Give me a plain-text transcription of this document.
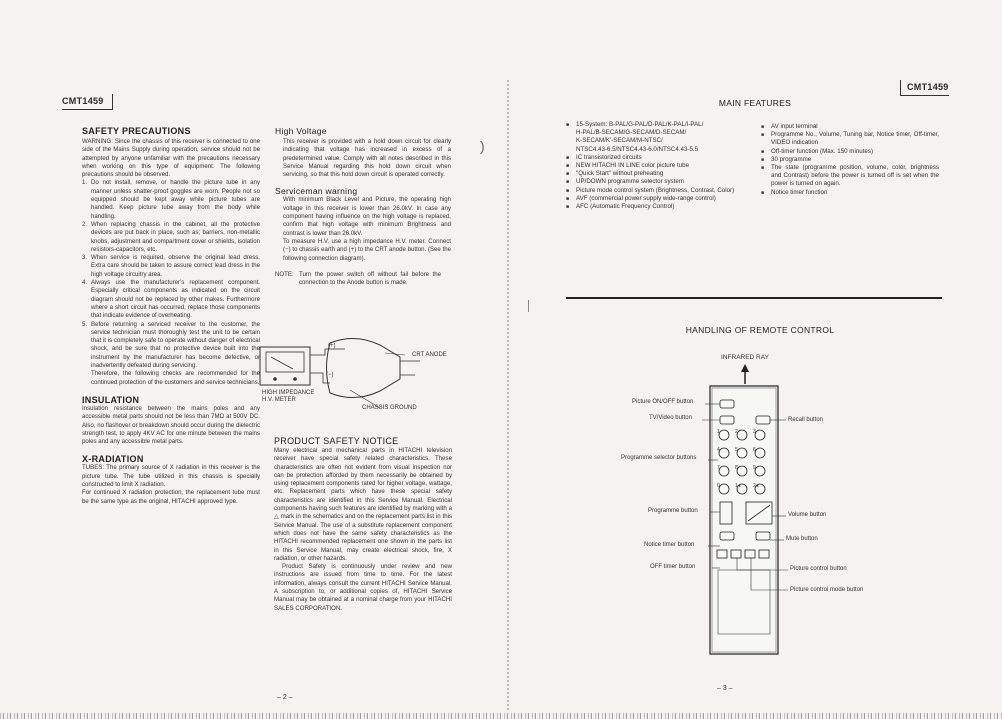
CMT1459
SAFETY PRECAUTIONS

WARNING: Since the chassis of this receiver is connected to one side of the Mains Supply during operation, service should not be attempted by anyone unfamiliar with the precautions necessary when working on this type of equipment. The following precautions should be observed.

1. Do not install, remove, or handle the picture tube in any manner unless shatter-proof goggles are worn. People not so equipped should be kept away while picture tubes are handled. Keep picture tube away from the body while handling.
2. When replacing chassis in the cabinet, all the protective devices are put back in place, such as; barriers, non-metallic knobs, adjustment and compartment cover or shields, isolation resistors-capacitors, etc.
3. When service is required, observe the original lead dress. Extra care should be taken to assure correct lead dress in the high voltage circuitry area.
4. Always use the manufacturer's replacement component. Especially critical components as indicated on the circuit diagram should not be replaced by other makes. Furthermore where a short circuit has occurred, replace those components that indicate evidence of overheating.
5. Before returning a serviced receiver to the customer, the service technician must thoroughly test the unit to be certain that it is completely safe to operate without danger of electrical shock, and be sure that no protective device built into the instrument by the manufacturer has become defective, or inadvertently defeated during servicing.

Therefore, the following checks are recommended for the continued protection of the customers and service technicians.

INSULATION

Insulation resistance between the mains poles and any accessible metal parts should not be less than 7MΩ at 500V DC. Also, no flashover or breakdown should occur during the dielectric strength test, to apply 4KV AC for one minute between the mains poles and any accessible metal parts.

X-RADIATION

TUBES: The primary source of X radiation in this receiver is the picture tube. The tube utilized in this chassis is specially constructed to limit X radiation.

For continued X radiation protection, the replacement tube must be the same type as the original, HITACHI approved type.

High Voltage

This receiver is provided with a hold down circuit for clearly indicating that voltage has increased in excess of a predetermined value. Comply with all notes described in this Service Manual regarding this hold down circuit when servicing, so that this hold down circuit is operated correctly.

Serviceman warning

With minimum Black Level and Picture, the operating high voltage in this receiver is lower than 26.0kV. In case any component having influence on the high voltage is replaced, confirm that high voltage with minimum Brightness and contrast is lower than 26.0kV.

To measure H.V. use a high impedance H.V. meter. Connect (−) to chassis earth and (+) to the CRT anode button. (See the following connection diagram).

NOTE: Turn the power switch off without fail before the connection to the Anode button is made.
(+)
(−)
CRT ANODE
HIGH IMPEDANCE
H.V. METER
CHASSIS GROUND
PRODUCT SAFETY NOTICE

Many electrical and mechanical parts in HITACHI television receiver have special safety related characteristics. These characteristics are often not evident from visual inspection nor can be protection afforded by them necessarily be obtained by using replacement components rated for higher voltage, wattage, etc. Replacement parts which have these special safety characteristics are identified in this Service Manual. Electrical components having such features are identified by marking with a △ mark in the schematics and on the replacement parts list in this Service Manual. The use of a substitute replacement component which does not have the same safety characteristics as the HITACHI recommended replacement one shown in the parts list in this Service Manual, may create electrical shock, fire, X radiation, or other hazards.

Product Safety is continuously under review and new instructions are issued from time to time. For the latest information, always consult the current HITACHI Service Manual. A subscription to, or additional copies of, HITACHI Service Manual may be obtained at a nominal charge from your HITACHI SALES CORPORATION.

– 2 –
)
CMT1459
MAIN FEATURES
■ 15-System: B-PAL/G-PAL/D-PAL/K-PAL/I-PAL/
H-PAL/B-SECAM/G-SECAM/D-SECAM/
K-SECAM/K'-SECAM/M-NTSC/
NTSC4.43-6.5/NTSC4.43-6.0/NTSC4.43-5.5
■ IC transistorized circuits
■ NEW HITACHI IN LINE color picture tube
■ "Quick Start" without preheating
■ UP/DOWN programme selector system
■ Picture mode control system (Brightness, Contrast, Color)
■ AVF (commercial power supply wide-range control)
■ AFC (Automatic Frequency Control)
■ AV input terminal
■ Programme No., Volume, Tuning bar, Notice timer, Off-timer, VIDEO indication
■ Off-timer function (Max. 150 minutes)
■ 30 programme
■ The state (programme position, volume, color, brightness and Contrast) before the power is turned off is set when the power is turned on again.
■ Notice timer function
HANDLING OF REMOTE CONTROL
INFRARED RAY
1	2	3
4	5	6
7	8	9
0	1◂	2◂
Picture ON/OFF button
TV/Video button	Recall button
Programme selector buttons
Programme button
Volume button
Mute button
Notice timer button
OFF timer button	Picture control button
Picture control mode button
– 3 –
